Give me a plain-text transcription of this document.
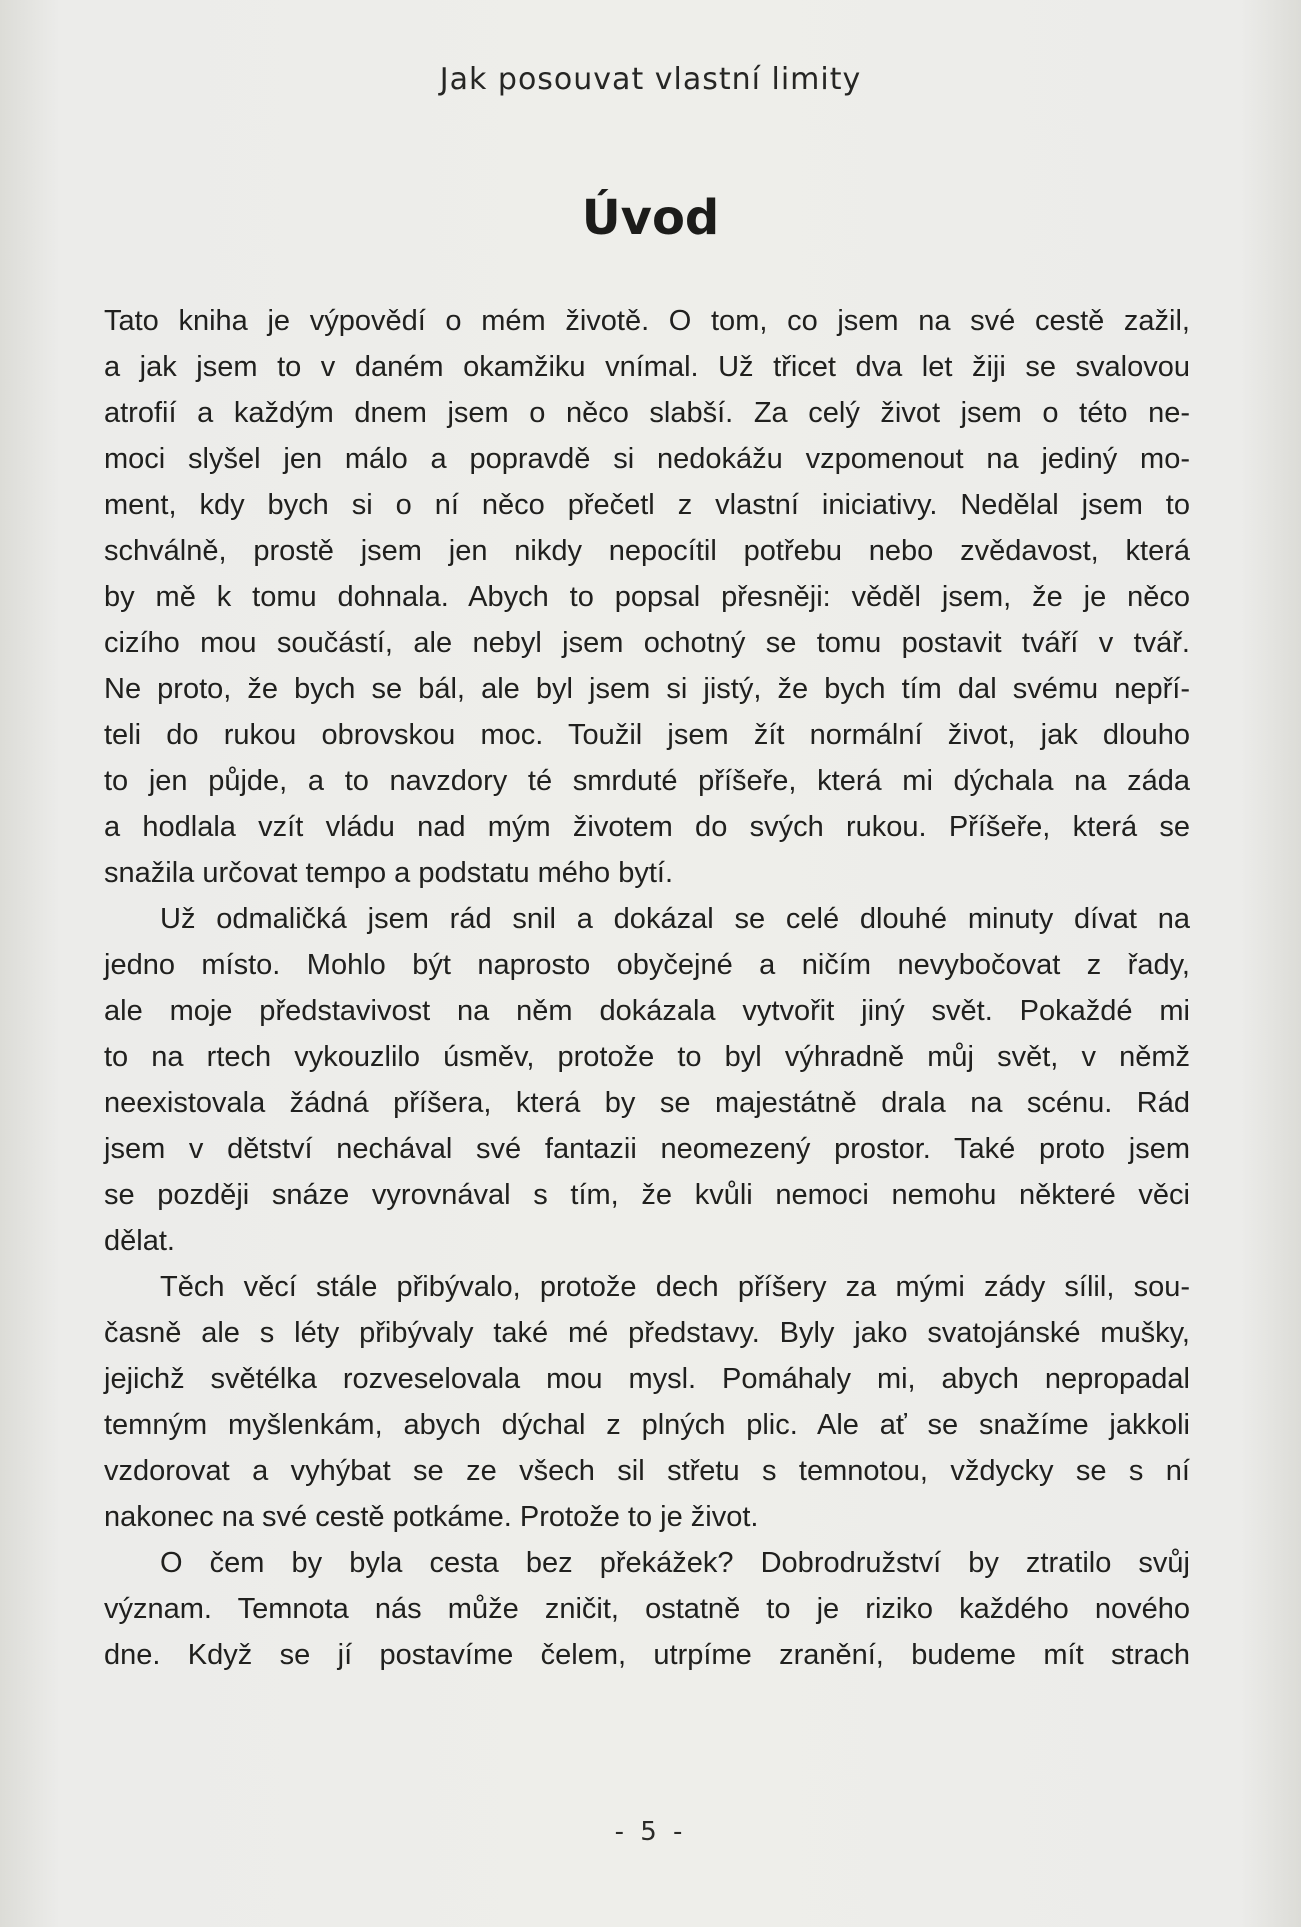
Jak posouvat vlastní limity
Úvod

Tato kniha je výpovědí o mém životě. O tom, co jsem na své cestě zažil,
a jak jsem to v daném okamžiku vnímal. Už třicet dva let žiji se svalovou
atrofií a každým dnem jsem o něco slabší. Za celý život jsem o této ne-
moci slyšel jen málo a popravdě si nedokážu vzpomenout na jediný mo-
ment, kdy bych si o ní něco přečetl z vlastní iniciativy. Nedělal jsem to
schválně, prostě jsem jen nikdy nepocítil potřebu nebo zvědavost, která
by mě k tomu dohnala. Abych to popsal přesněji: věděl jsem, že je něco
cizího mou součástí, ale nebyl jsem ochotný se tomu postavit tváří v tvář.
Ne proto, že bych se bál, ale byl jsem si jistý, že bych tím dal svému nepří-
teli do rukou obrovskou moc. Toužil jsem žít normální život, jak dlouho
to jen půjde, a to navzdory té smrduté příšeře, která mi dýchala na záda
a hodlala vzít vládu nad mým životem do svých rukou. Příšeře, která se
snažila určovat tempo a podstatu mého bytí.

Už odmaličká jsem rád snil a dokázal se celé dlouhé minuty dívat na
jedno místo. Mohlo být naprosto obyčejné a ničím nevybočovat z řady,
ale moje představivost na něm dokázala vytvořit jiný svět. Pokaždé mi
to na rtech vykouzlilo úsměv, protože to byl výhradně můj svět, v němž
neexistovala žádná příšera, která by se majestátně drala na scénu. Rád
jsem v dětství nechával své fantazii neomezený prostor. Také proto jsem
se později snáze vyrovnával s tím, že kvůli nemoci nemohu některé věci
dělat.

Těch věcí stále přibývalo, protože dech příšery za mými zády sílil, sou-
časně ale s léty přibývaly také mé představy. Byly jako svatojánské mušky,
jejichž světélka rozveselovala mou mysl. Pomáhaly mi, abych nepropadal
temným myšlenkám, abych dýchal z plných plic. Ale ať se snažíme jakkoli
vzdorovat a vyhýbat se ze všech sil střetu s temnotou, vždycky se s ní
nakonec na své cestě potkáme. Protože to je život.

O čem by byla cesta bez překážek? Dobrodružství by ztratilo svůj
význam. Temnota nás může zničit, ostatně to je riziko každého nového
dne. Když se jí postavíme čelem, utrpíme zranění, budeme mít strach

- 5 -
